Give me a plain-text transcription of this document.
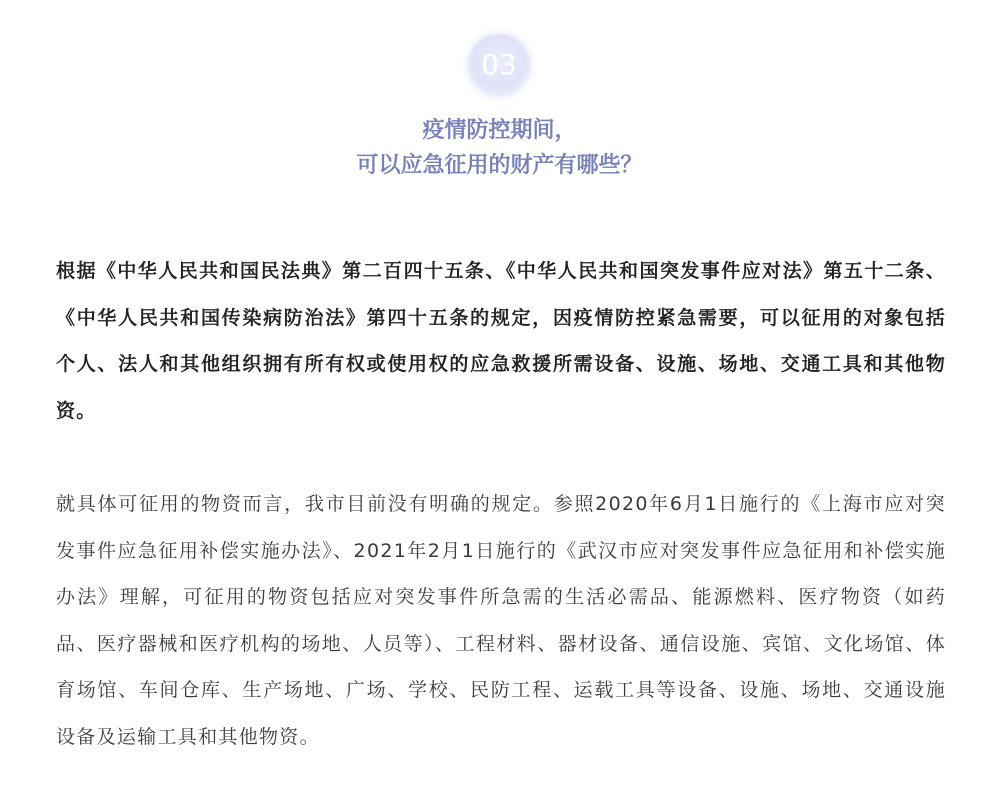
03
疫情防控期间，
可以应急征用的财产有哪些？

根据《中华人民共和国民法典》第二百四十五条、《中华人民共和国突发事件应对法》第五十二条、《中华人民共和国传染病防治法》第四十五条的规定，因疫情防控紧急需要，可以征用的对象包括个人、法人和其他组织拥有所有权或使用权的应急救援所需设备、设施、场地、交通工具和其他物资。

就具体可征用的物资而言，我市目前没有明确的规定。参照2020年6月1日施行的《上海市应对突发事件应急征用补偿实施办法》、2021年2月1日施行的《武汉市应对突发事件应急征用和补偿实施办法》理解，可征用的物资包括应对突发事件所急需的生活必需品、能源燃料、医疗物资（如药品、医疗器械和医疗机构的场地、人员等）、工程材料、器材设备、通信设施、宾馆、文化场馆、体育场馆、车间仓库、生产场地、广场、学校、民防工程、运载工具等设备、设施、场地、交通设施设备及运输工具和其他物资。
